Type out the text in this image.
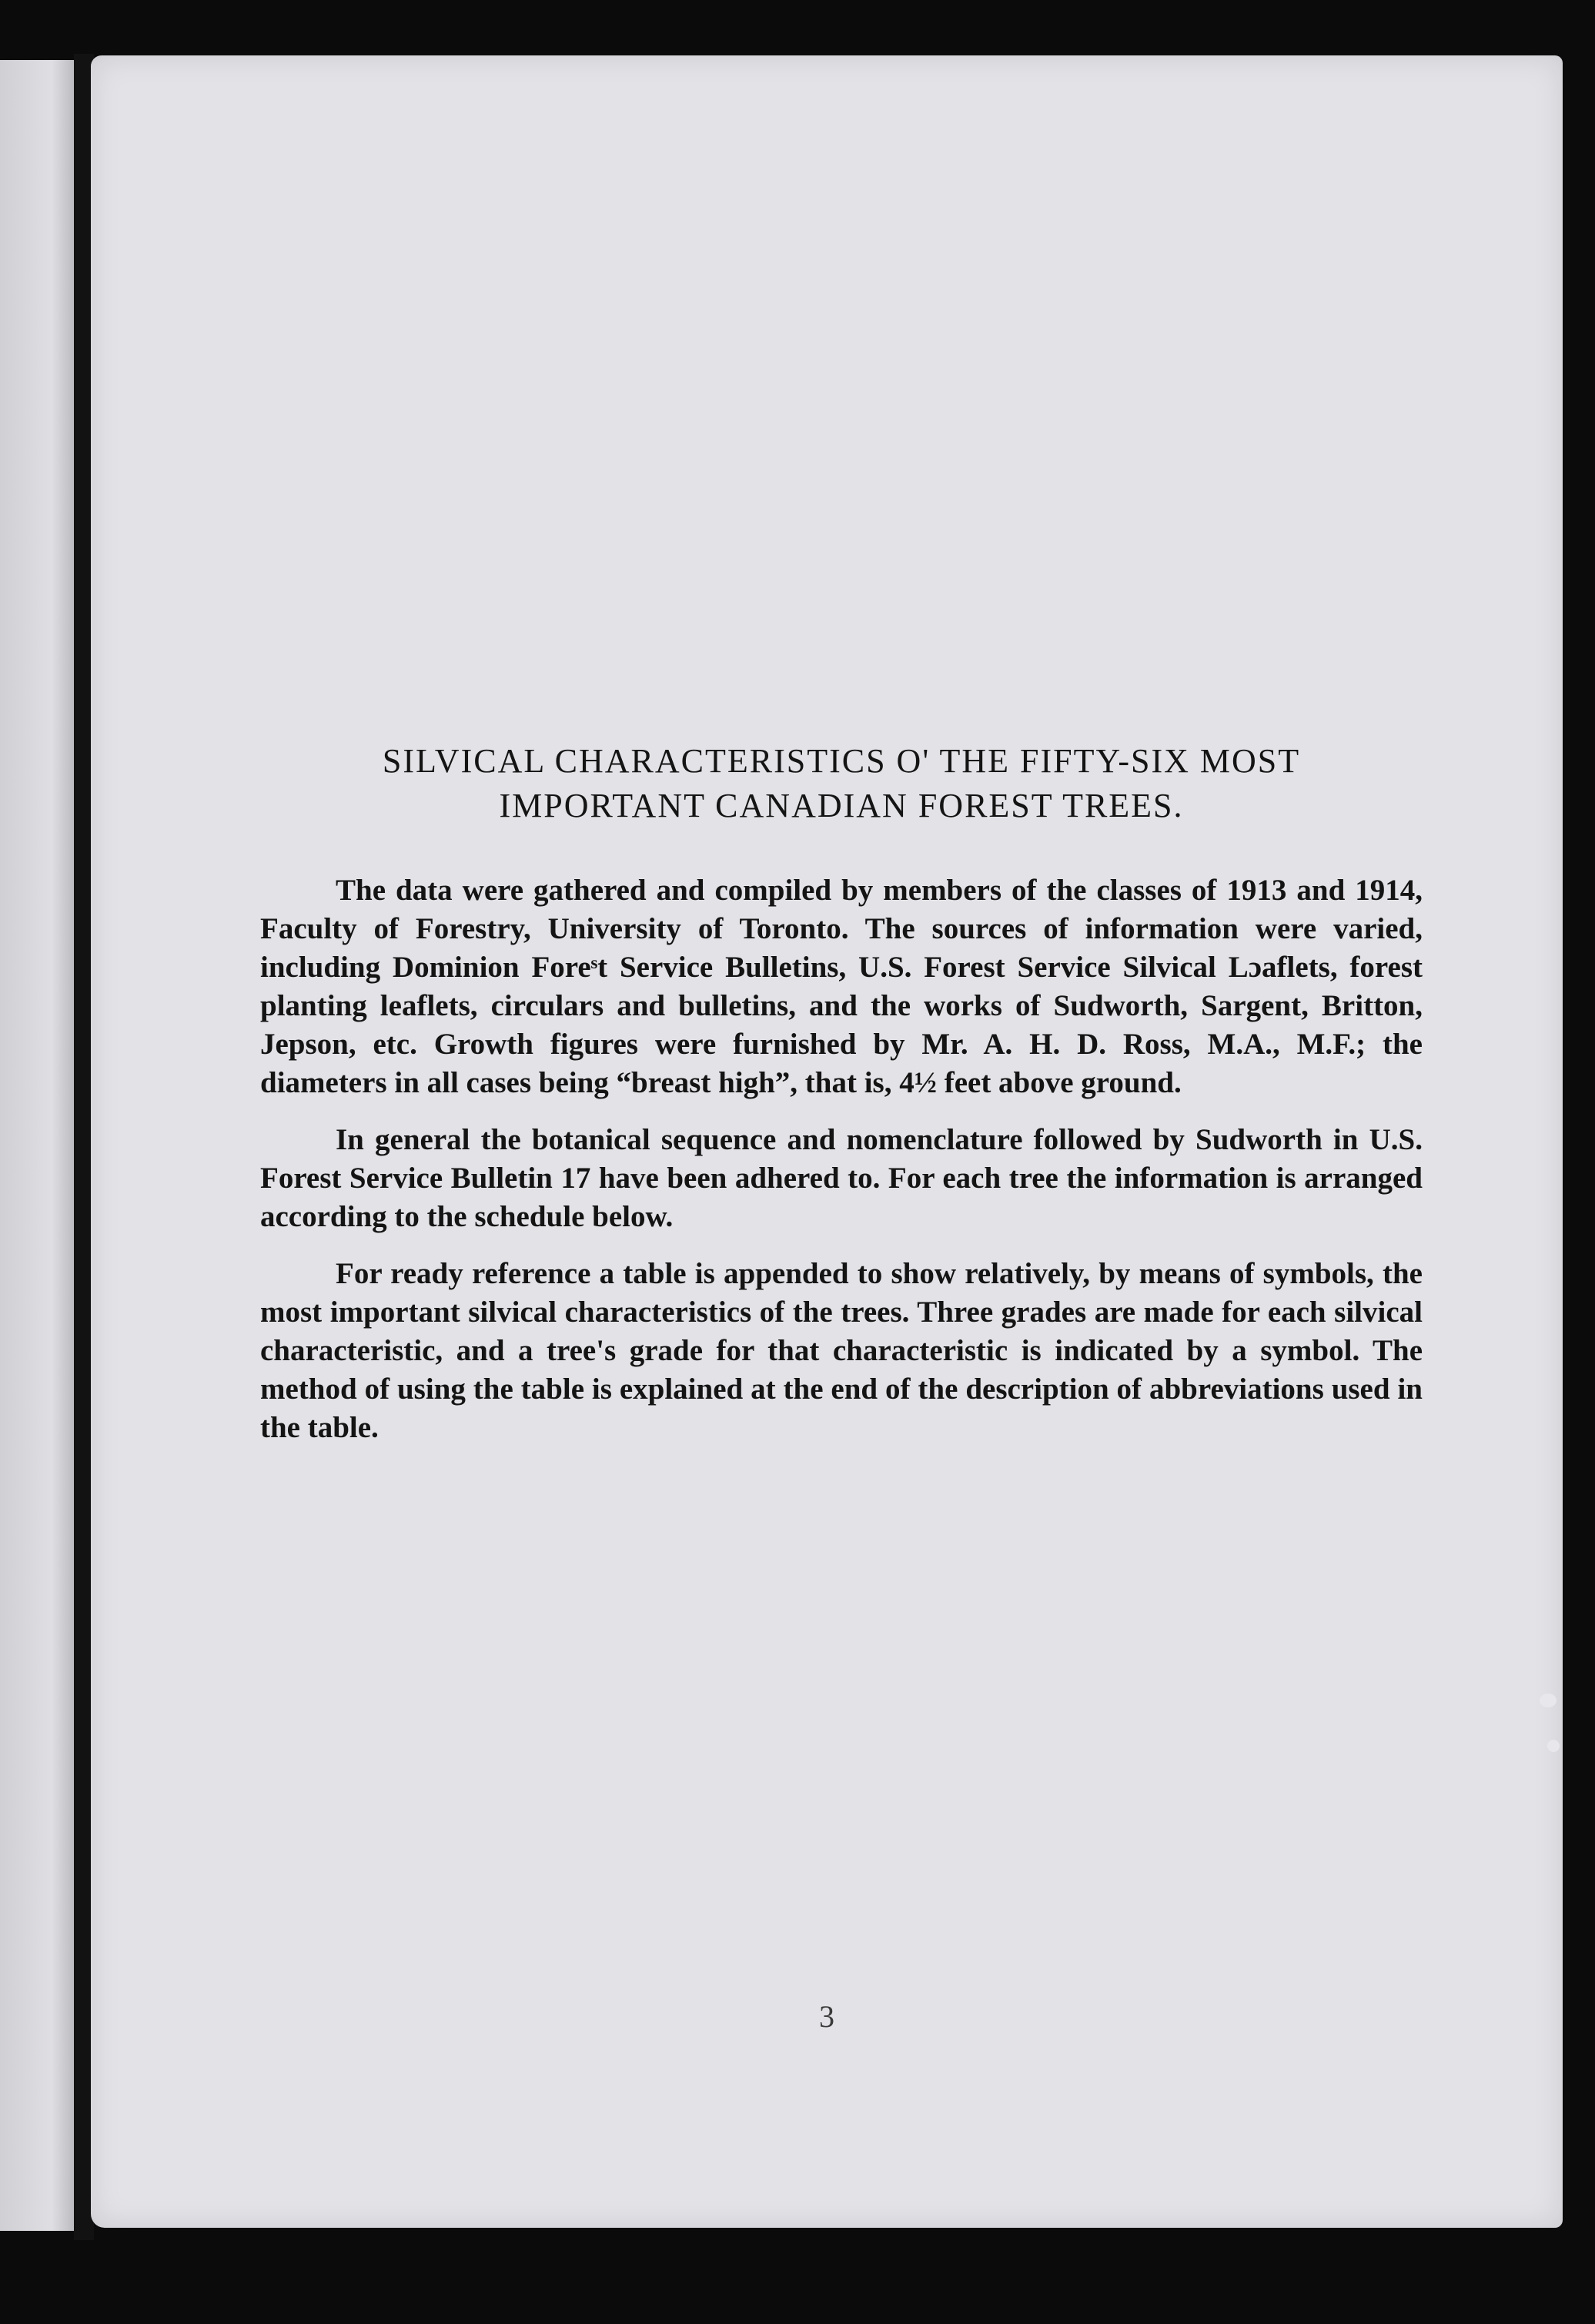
SILVICAL CHARACTERISTICS O' THE FIFTY-SIX MOST
IMPORTANT CANADIAN FOREST TREES.

The data were gathered and compiled by members of the classes of 1913 and 1914, Faculty of Forestry, University of Toronto. The sources of information were varied, including Dominion Foreˢt Service Bulletins, U.S. Forest Service Silvical Lɔaflets, forest planting leaflets, circulars and bulletins, and the works of Sudworth, Sargent, Britton, Jepson, etc. Growth figures were furnished by Mr. A. H. D. Ross, M.A., M.F.; the diameters in all cases being “breast high”, that is, 4½ feet above ground.

In general the botanical sequence and nomenclature followed by Sudworth in U.S. Forest Service Bulletin 17 have been adhered to. For each tree the information is arranged according to the schedule below.

For ready reference a table is appended to show relatively, by means of symbols, the most important silvical characteristics of the trees. Three grades are made for each silvical characteristic, and a tree's grade for that characteristic is indicated by a symbol. The method of using the table is explained at the end of the description of abbreviations used in the table.

3
